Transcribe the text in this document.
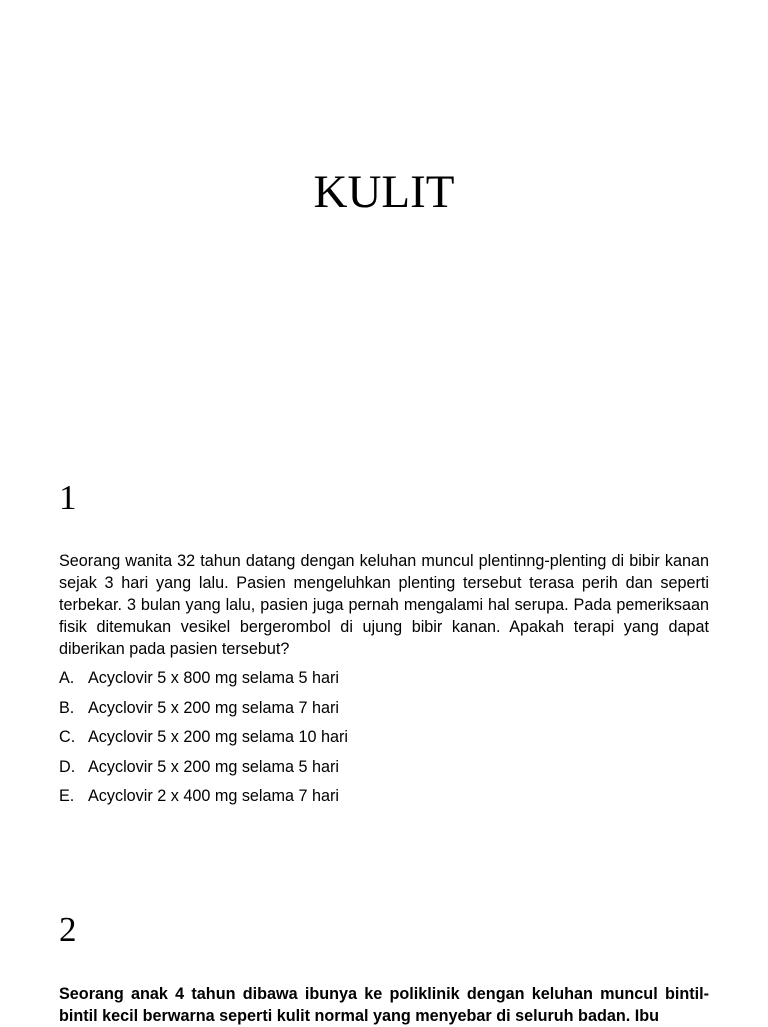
KULIT
1

Seorang wanita 32 tahun datang dengan keluhan muncul plentinng-plenting di bibir kanan sejak 3 hari yang lalu. Pasien mengeluhkan plenting tersebut terasa perih dan seperti terbekar. 3 bulan yang lalu, pasien juga pernah mengalami hal serupa. Pada pemeriksaan fisik ditemukan vesikel bergerombol di ujung bibir kanan. Apakah terapi yang dapat diberikan pada pasien tersebut?

A. Acyclovir 5 x 800 mg selama 5 hari
B. Acyclovir 5 x 200 mg selama 7 hari
C. Acyclovir 5 x 200 mg selama 10 hari
D. Acyclovir 5 x 200 mg selama 5 hari
E. Acyclovir 2 x 400 mg selama 7 hari
2

Seorang anak 4 tahun dibawa ibunya ke poliklinik dengan keluhan muncul bintil-bintil kecil berwarna seperti kulit normal yang menyebar di seluruh badan. Ibu
